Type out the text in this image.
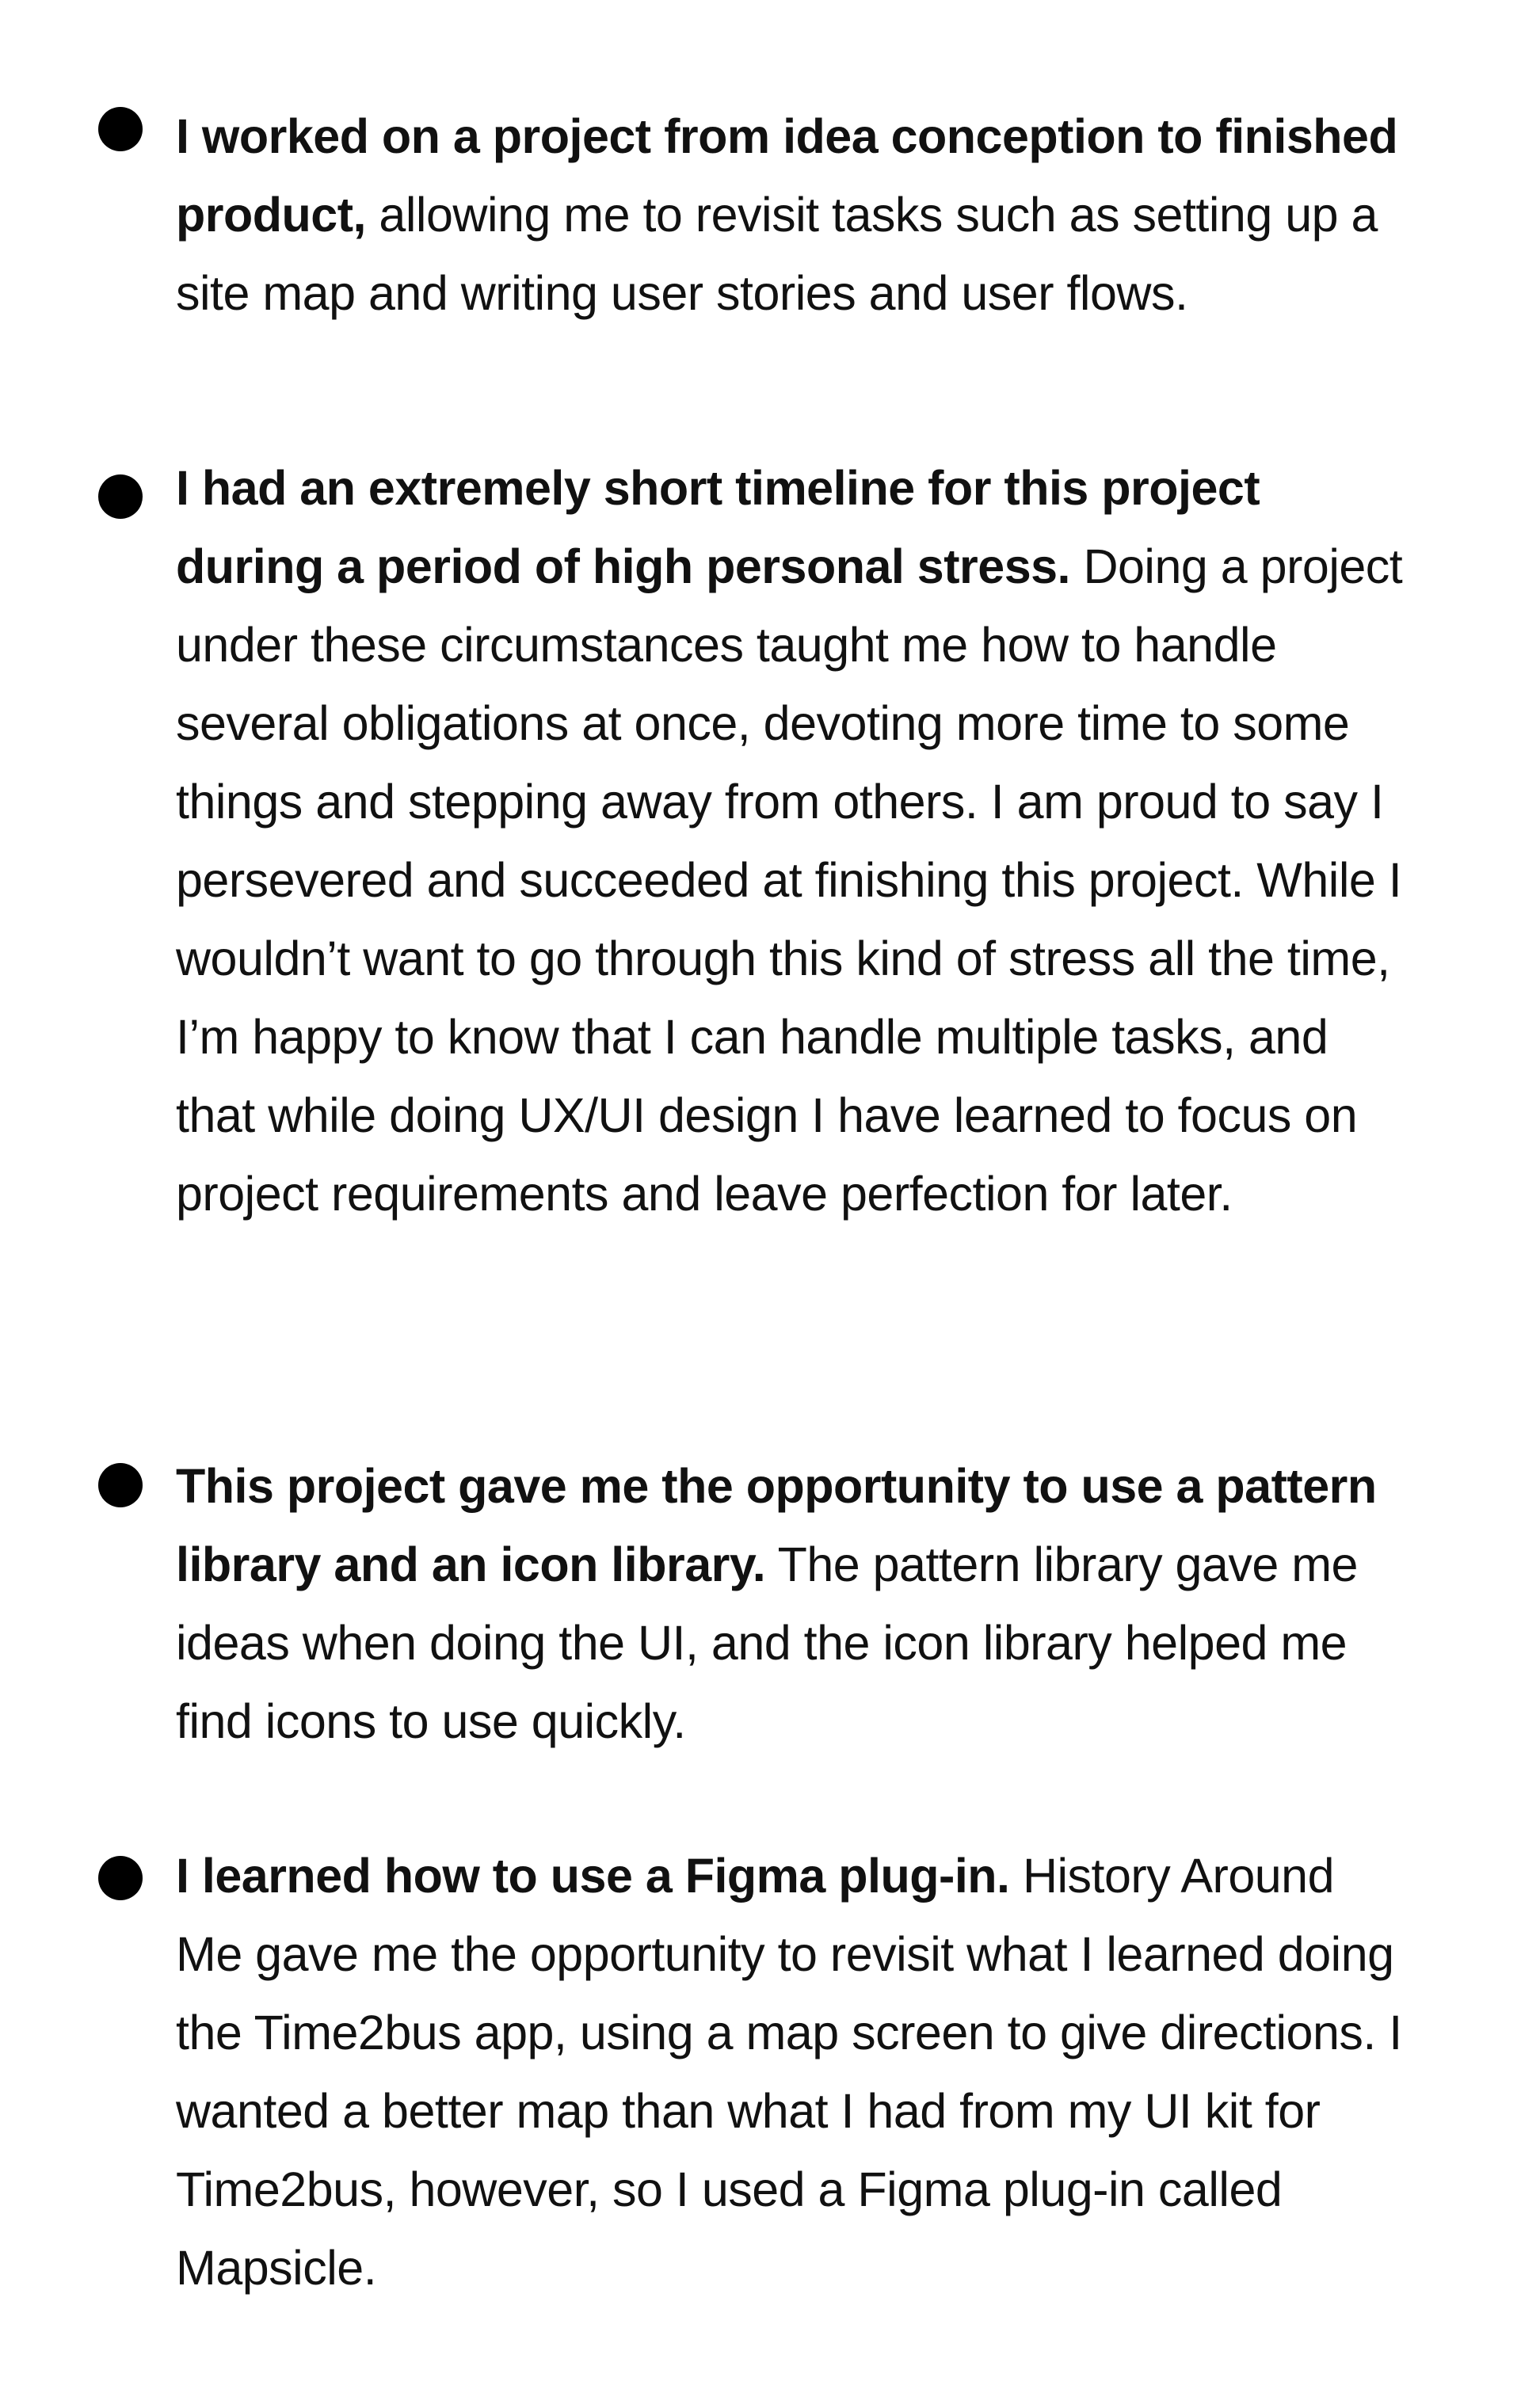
I worked on a project from idea conception to finished product, allowing me to revisit tasks such as setting up a site map and writing user stories and user flows.
I had an extremely short timeline for this project during a period of high personal stress. Doing a project under these circumstances taught me how to handle several obligations at once, devoting more time to some things and stepping away from others. I am proud to say I persevered and succeeded at finishing this project. While I wouldn’t want to go through this kind of stress all the time, I’m happy to know that I can handle multiple tasks, and that while doing UX/UI design I have learned to focus on project requirements and leave perfection for later.
This project gave me the opportunity to use a pattern library and an icon library. The pattern library gave me ideas when doing the UI, and the icon library helped me find icons to use quickly.
I learned how to use a Figma plug-in. History Around Me gave me the opportunity to revisit what I learned doing the Time2bus app, using a map screen to give directions. I wanted a better map than what I had from my UI kit for Time2bus, however, so I used a Figma plug-in called Mapsicle.
